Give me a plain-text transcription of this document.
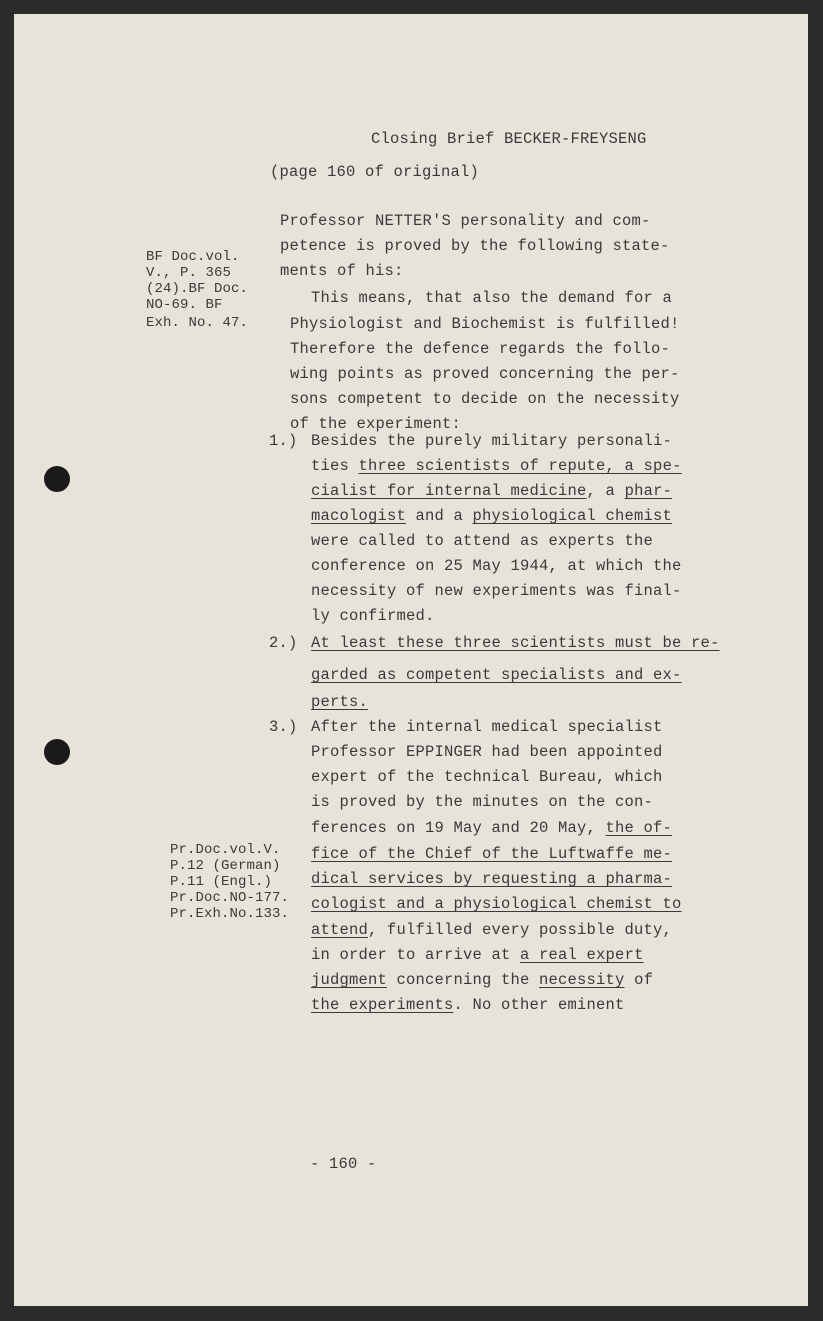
Closing Brief BECKER-FREYSENG
(page 160 of original)
BF Doc.vol.
V., P. 365
(24).BF Doc.
NO-69. BF
Exh. No. 47.
Professor NETTER'S personality and com-
petence is proved by the following state-
ments of his:
This means, that also the demand for a
Physiologist and Biochemist is fulfilled!
Therefore the defence regards the follo-
wing points as proved concerning the per-
sons competent to decide on the necessity
of the experiment:
1.) Besides the purely military personali-
ties three scientists of repute, a spe-
cialist for internal medicine, a phar-
macologist and a physiological chemist
were called to attend as experts the
conference on 25 May 1944, at which the
necessity of new experiments was final-
ly confirmed.
2.) At least these three scientists must be re-
garded as competent specialists and ex-
perts.
3.) After the internal medical specialist
Professor EPPINGER had been appointed
expert of the technical Bureau, which
is proved by the minutes on the con-
ferences on 19 May and 20 May, the of-
fice of the Chief of the Luftwaffe me-
dical services by requesting a pharma-
cologist and a physiological chemist to
attend, fulfilled every possible duty,
in order to arrive at a real expert
judgment concerning the necessity of
the experiments. No other eminent
Pr.Doc.vol.V.
P.12 (German)
P.11 (Engl.)
Pr.Doc.NO-177.
Pr.Exh.No.133.
- 160 -
